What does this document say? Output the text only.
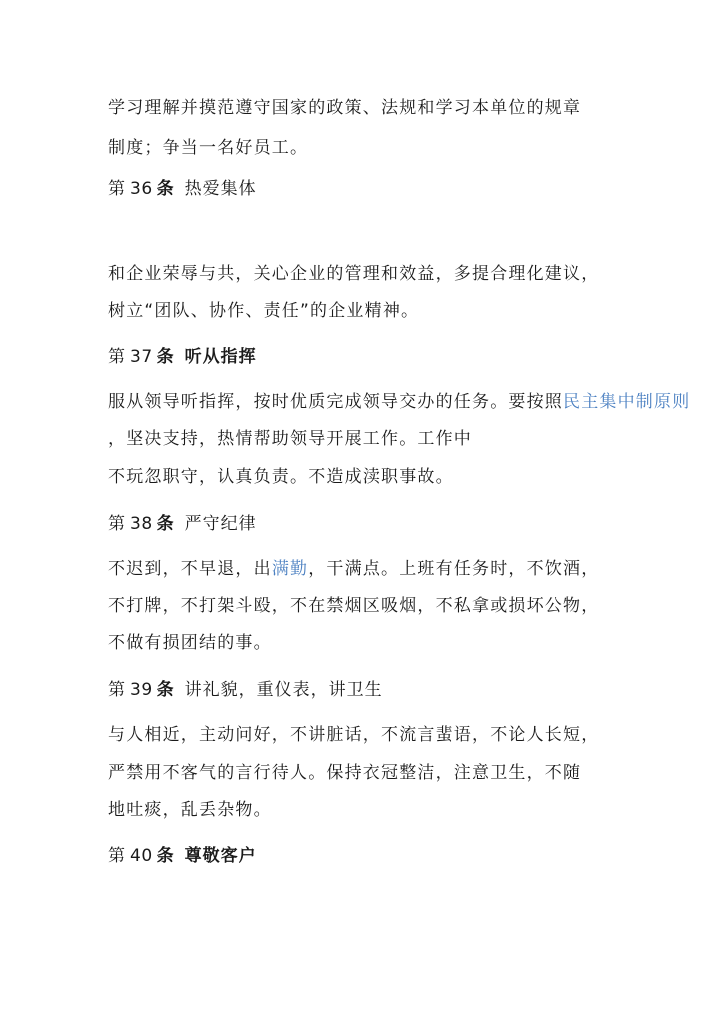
学习理解并摸范遵守国家的政策、法规和学习本单位的规章
制度；争当一名好员工。
第 36 条 热爱集体
和企业荣辱与共，关心企业的管理和效益，多提合理化建议，
树立“团队、协作、责任”的企业精神。
第 37 条 听从指挥
服从领导听指挥，按时优质完成领导交办的任务。要按照民主集中制原则
，坚决支持，热情帮助领导开展工作。工作中
不玩忽职守，认真负责。不造成渎职事故。
第 38 条 严守纪律
不迟到，不早退，出满勤，干满点。上班有任务时，不饮酒，
不打牌，不打架斗殴，不在禁烟区吸烟，不私拿或损坏公物，
不做有损团结的事。
第 39 条 讲礼貌，重仪表，讲卫生
与人相近，主动问好，不讲脏话，不流言蜚语，不论人长短，
严禁用不客气的言行待人。保持衣冠整洁，注意卫生，不随
地吐痰，乱丢杂物。
第 40 条 尊敬客户
